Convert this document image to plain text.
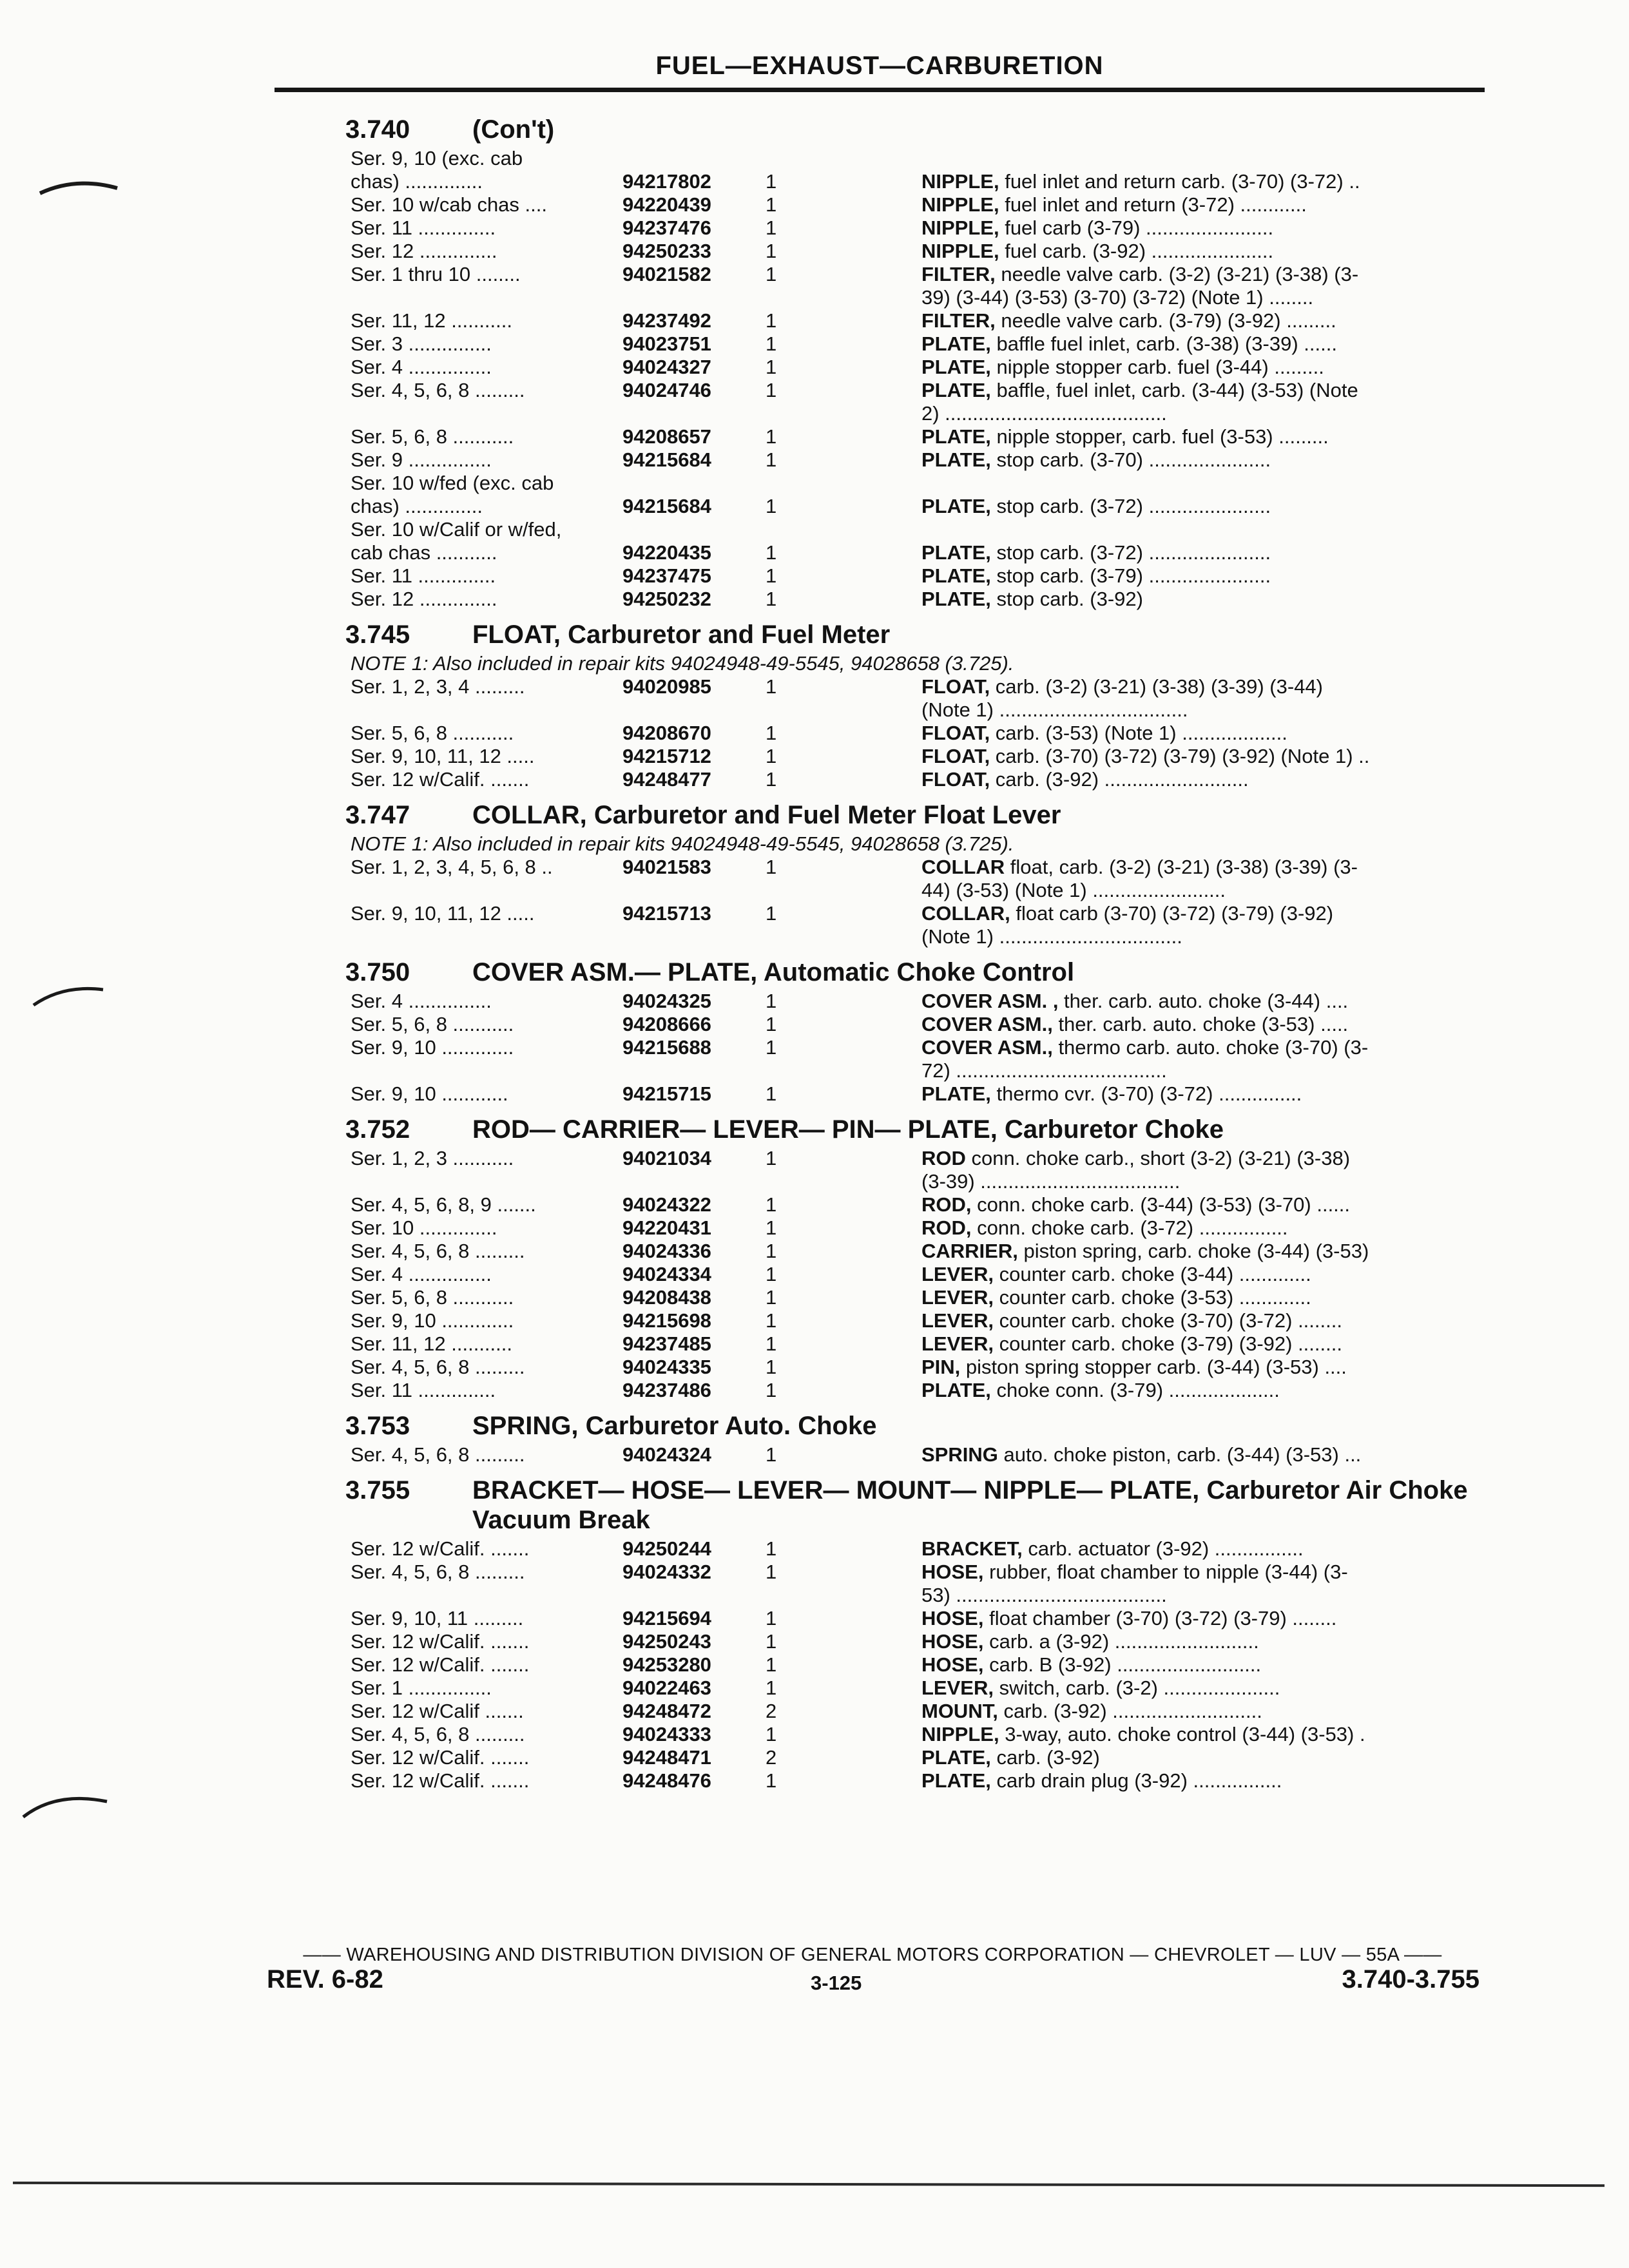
FUEL—EXHAUST—CARBURETION
3.740	(Con't)
Ser. 9, 10 (exc. cab
chas) ..............	94217802	1	NIPPLE, fuel inlet and return carb. (3-70) (3-72) ..
Ser. 10 w/cab chas ....	94220439	1	NIPPLE, fuel inlet and return (3-72) ............
Ser. 11 ..............	94237476	1	NIPPLE, fuel carb (3-79) .......................
Ser. 12 ..............	94250233	1	NIPPLE, fuel carb. (3-92) ......................
Ser. 1 thru 10 ........	94021582	1	FILTER, needle valve carb. (3-2) (3-21) (3-38) (3-
39) (3-44) (3-53) (3-70) (3-72) (Note 1) ........
Ser. 11, 12 ...........	94237492	1	FILTER, needle valve carb. (3-79) (3-92) .........
Ser. 3 ...............	94023751	1	PLATE, baffle fuel inlet, carb. (3-38) (3-39) ......
Ser. 4 ...............	94024327	1	PLATE, nipple stopper carb. fuel (3-44) .........
Ser. 4, 5, 6, 8 .........	94024746	1	PLATE, baffle, fuel inlet, carb. (3-44) (3-53) (Note
2) ........................................
Ser. 5, 6, 8 ...........	94208657	1	PLATE, nipple stopper, carb. fuel (3-53) .........
Ser. 9 ...............	94215684	1	PLATE, stop carb. (3-70) ......................
Ser. 10 w/fed (exc. cab
chas) ..............	94215684	1	PLATE, stop carb. (3-72) ......................
Ser. 10 w/Calif or w/fed,
cab chas ...........	94220435	1	PLATE, stop carb. (3-72) ......................
Ser. 11 ..............	94237475	1	PLATE, stop carb. (3-79) ......................
Ser. 12 ..............	94250232	1	PLATE, stop carb. (3-92)
3.745	FLOAT, Carburetor and Fuel Meter
NOTE 1: Also included in repair kits 94024948-49-5545, 94028658 (3.725).
Ser. 1, 2, 3, 4 .........	94020985	1	FLOAT, carb. (3-2) (3-21) (3-38) (3-39) (3-44)
(Note 1) ..................................
Ser. 5, 6, 8 ...........	94208670	1	FLOAT, carb. (3-53) (Note 1) ...................
Ser. 9, 10, 11, 12 .....	94215712	1	FLOAT, carb. (3-70) (3-72) (3-79) (3-92) (Note 1) ..
Ser. 12 w/Calif. .......	94248477	1	FLOAT, carb. (3-92) ..........................
3.747	COLLAR, Carburetor and Fuel Meter Float Lever
NOTE 1: Also included in repair kits 94024948-49-5545, 94028658 (3.725).
Ser. 1, 2, 3, 4, 5, 6, 8 ..	94021583	1	COLLAR float, carb. (3-2) (3-21) (3-38) (3-39) (3-
44) (3-53) (Note 1) ........................
Ser. 9, 10, 11, 12 .....	94215713	1	COLLAR, float carb (3-70) (3-72) (3-79) (3-92)
(Note 1) .................................
3.750	COVER ASM.— PLATE, Automatic Choke Control
Ser. 4 ...............	94024325	1	COVER ASM. , ther. carb. auto. choke (3-44) ....
Ser. 5, 6, 8 ...........	94208666	1	COVER ASM., ther. carb. auto. choke (3-53) .....
Ser. 9, 10 .............	94215688	1	COVER ASM., thermo carb. auto. choke (3-70) (3-
72) ......................................
Ser. 9, 10 ............	94215715	1	PLATE, thermo cvr. (3-70) (3-72) ...............
3.752	ROD— CARRIER— LEVER— PIN— PLATE, Carburetor Choke
Ser. 1, 2, 3 ...........	94021034	1	ROD conn. choke carb., short (3-2) (3-21) (3-38)
(3-39) ....................................
Ser. 4, 5, 6, 8, 9 .......	94024322	1	ROD, conn. choke carb. (3-44) (3-53) (3-70) ......
Ser. 10 ..............	94220431	1	ROD, conn. choke carb. (3-72) ................
Ser. 4, 5, 6, 8 .........	94024336	1	CARRIER, piston spring, carb. choke (3-44) (3-53)
Ser. 4 ...............	94024334	1	LEVER, counter carb. choke (3-44) .............
Ser. 5, 6, 8 ...........	94208438	1	LEVER, counter carb. choke (3-53) .............
Ser. 9, 10 .............	94215698	1	LEVER, counter carb. choke (3-70) (3-72) ........
Ser. 11, 12 ...........	94237485	1	LEVER, counter carb. choke (3-79) (3-92) ........
Ser. 4, 5, 6, 8 .........	94024335	1	PIN, piston spring stopper carb. (3-44) (3-53) ....
Ser. 11 ..............	94237486	1	PLATE, choke conn. (3-79) ....................
3.753	SPRING, Carburetor Auto. Choke
Ser. 4, 5, 6, 8 .........	94024324	1	SPRING auto. choke piston, carb. (3-44) (3-53) ...
3.755	BRACKET— HOSE— LEVER— MOUNT— NIPPLE— PLATE, Carburetor Air Choke Vacuum Break
Ser. 12 w/Calif. .......	94250244	1	BRACKET, carb. actuator (3-92) ................
Ser. 4, 5, 6, 8 .........	94024332	1	HOSE, rubber, float chamber to nipple (3-44) (3-
53) ......................................
Ser. 9, 10, 11 .........	94215694	1	HOSE, float chamber (3-70) (3-72) (3-79) ........
Ser. 12 w/Calif. .......	94250243	1	HOSE, carb. a (3-92) ..........................
Ser. 12 w/Calif. .......	94253280	1	HOSE, carb. B (3-92) ..........................
Ser. 1 ...............	94022463	1	LEVER, switch, carb. (3-2) .....................
Ser. 12 w/Calif .......	94248472	2	MOUNT, carb. (3-92) ...........................
Ser. 4, 5, 6, 8 .........	94024333	1	NIPPLE, 3-way, auto. choke control (3-44) (3-53) .
Ser. 12 w/Calif. .......	94248471	2	PLATE, carb. (3-92)
Ser. 12 w/Calif. .......	94248476	1	PLATE, carb drain plug (3-92) ................
—— WAREHOUSING AND DISTRIBUTION DIVISION OF GENERAL MOTORS CORPORATION — CHEVROLET — LUV — 55A ——
REV. 6-82	3-125	3.740-3.755
